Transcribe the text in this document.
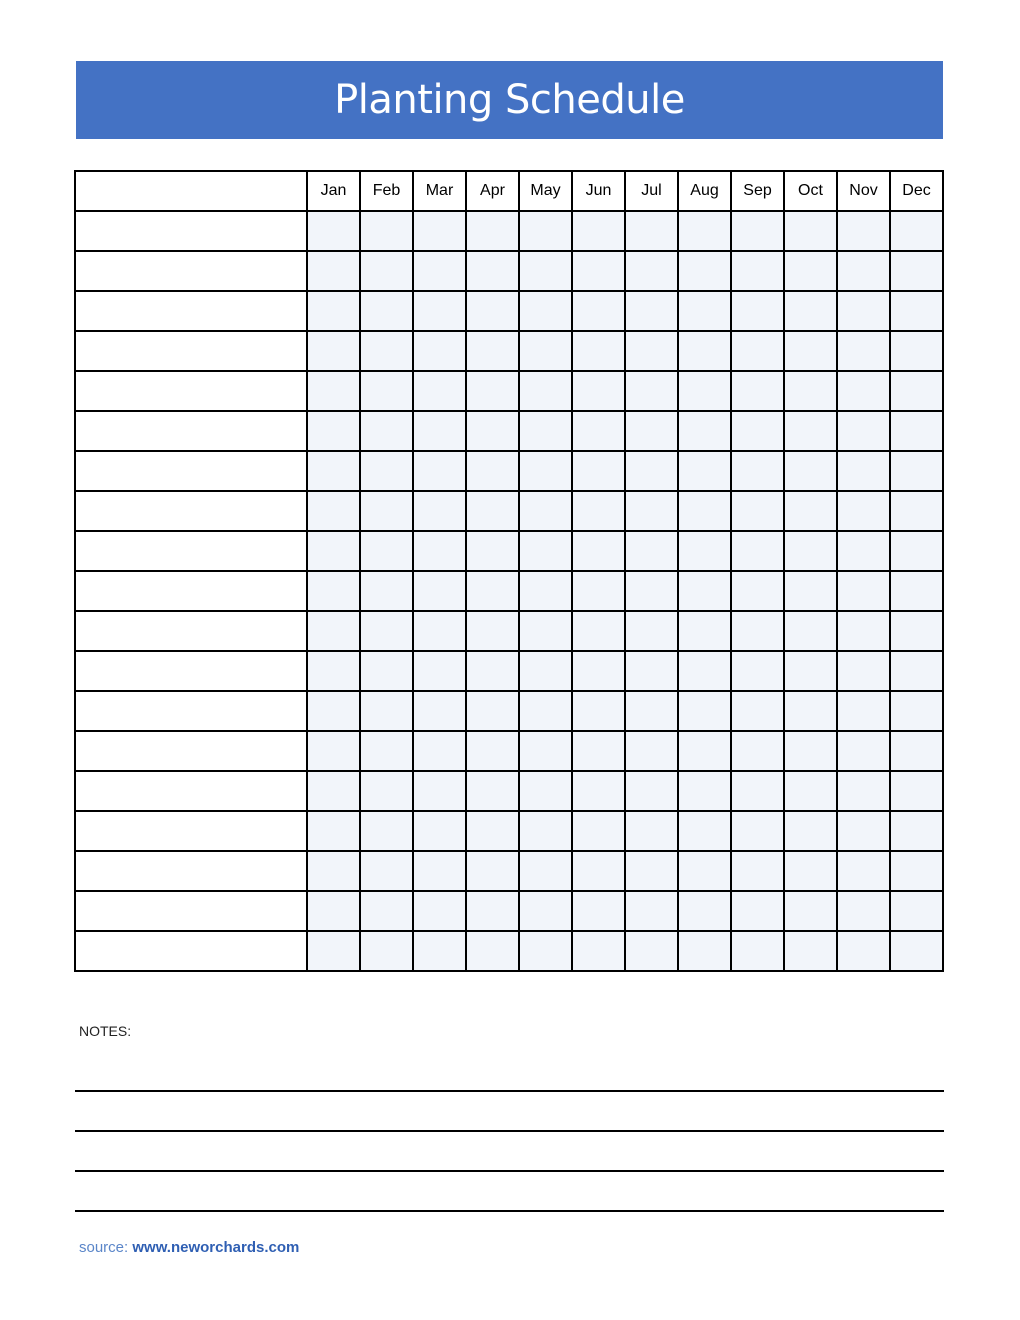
Planting Schedule
	Jan	Feb	Mar	Apr	May	Jun	Jul	Aug	Sep	Oct	Nov	Dec

NOTES:
source: www.neworchards.com
